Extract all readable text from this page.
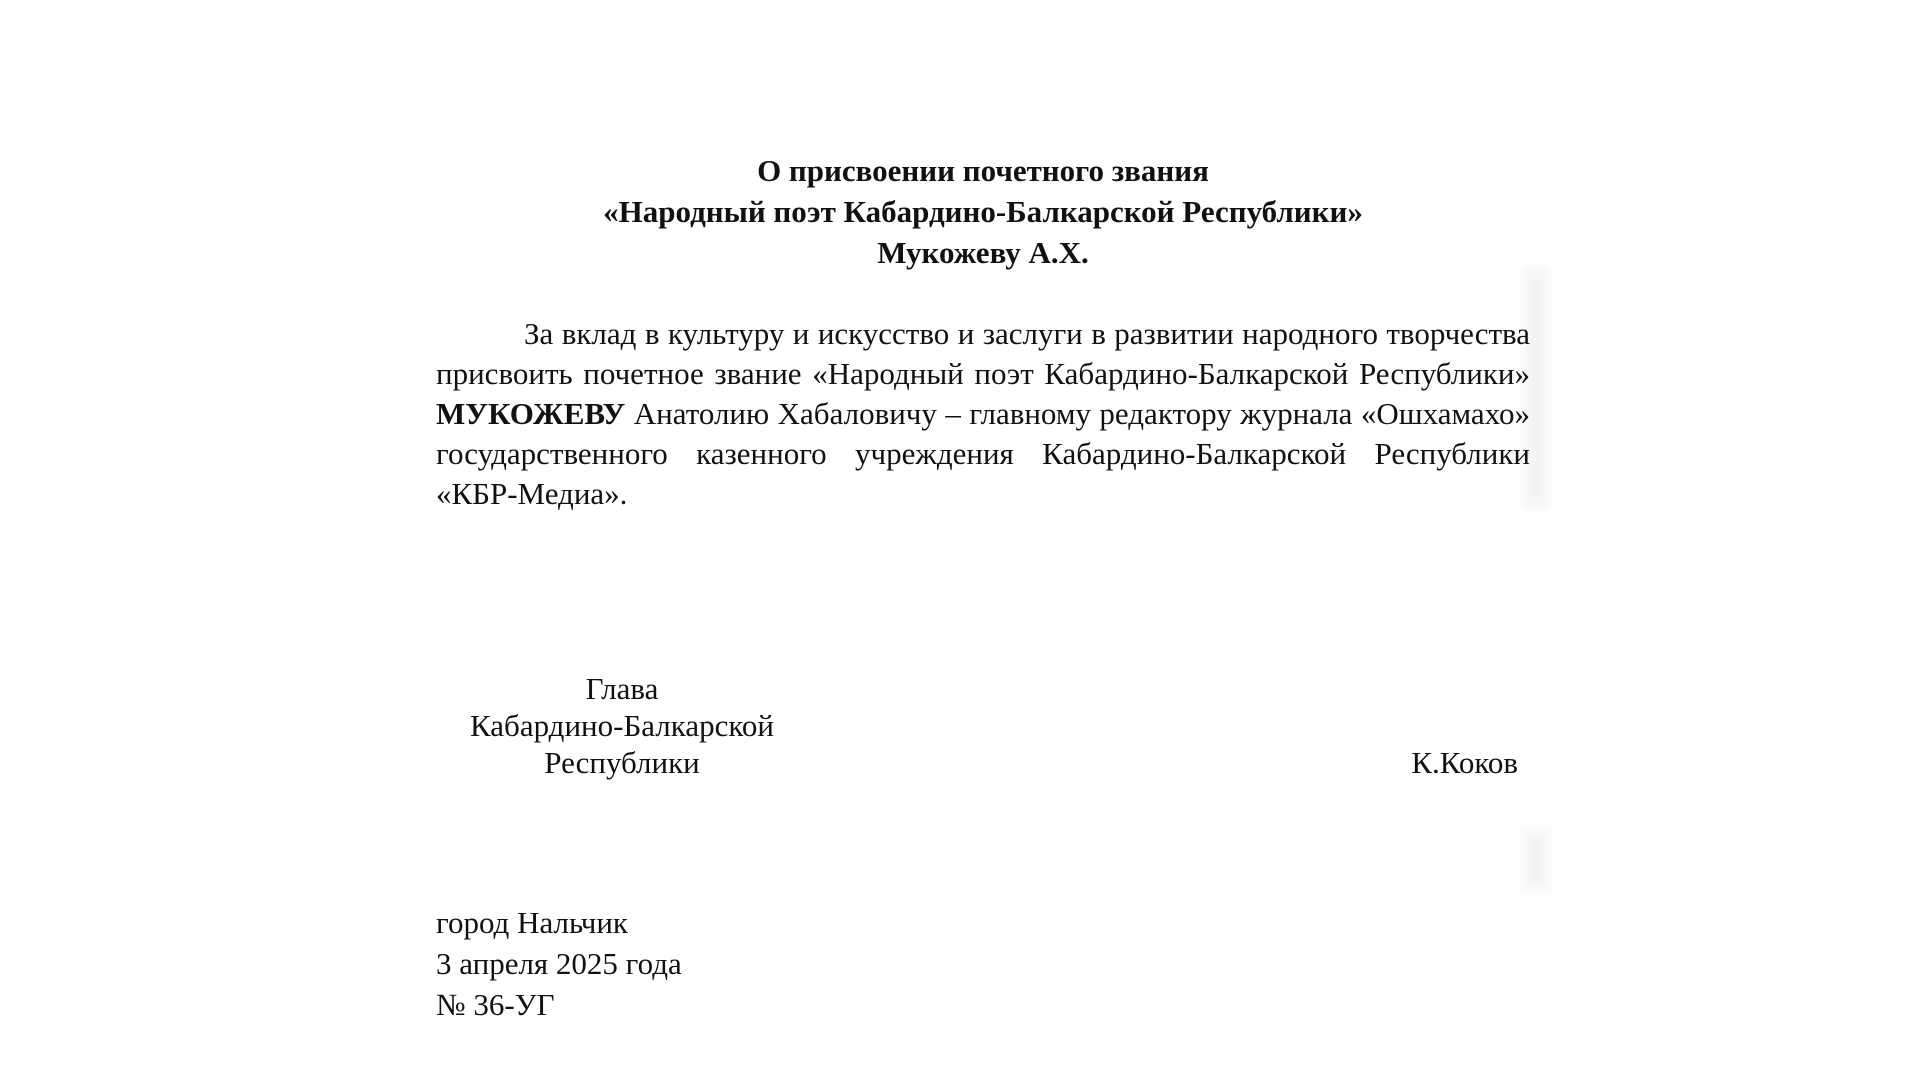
О присвоении почетного звания
«Народный поэт Кабардино-Балкарской Республики»
Мукожеву А.Х.

За вклад в культуру и искусство и заслуги в развитии народного творчества присвоить почетное звание «Народный поэт Кабардино-Балкарской Республики» МУКОЖЕВУ Анатолию Хабаловичу – главному редактору журнала «Ошхамахо» государственного казенного учреждения Кабардино-Балкарской Республики «КБР-Медиа».

Глава
Кабардино-Балкарской
Республики	К.Коков
город Нальчик
3 апреля 2025 года
№ 36-УГ
